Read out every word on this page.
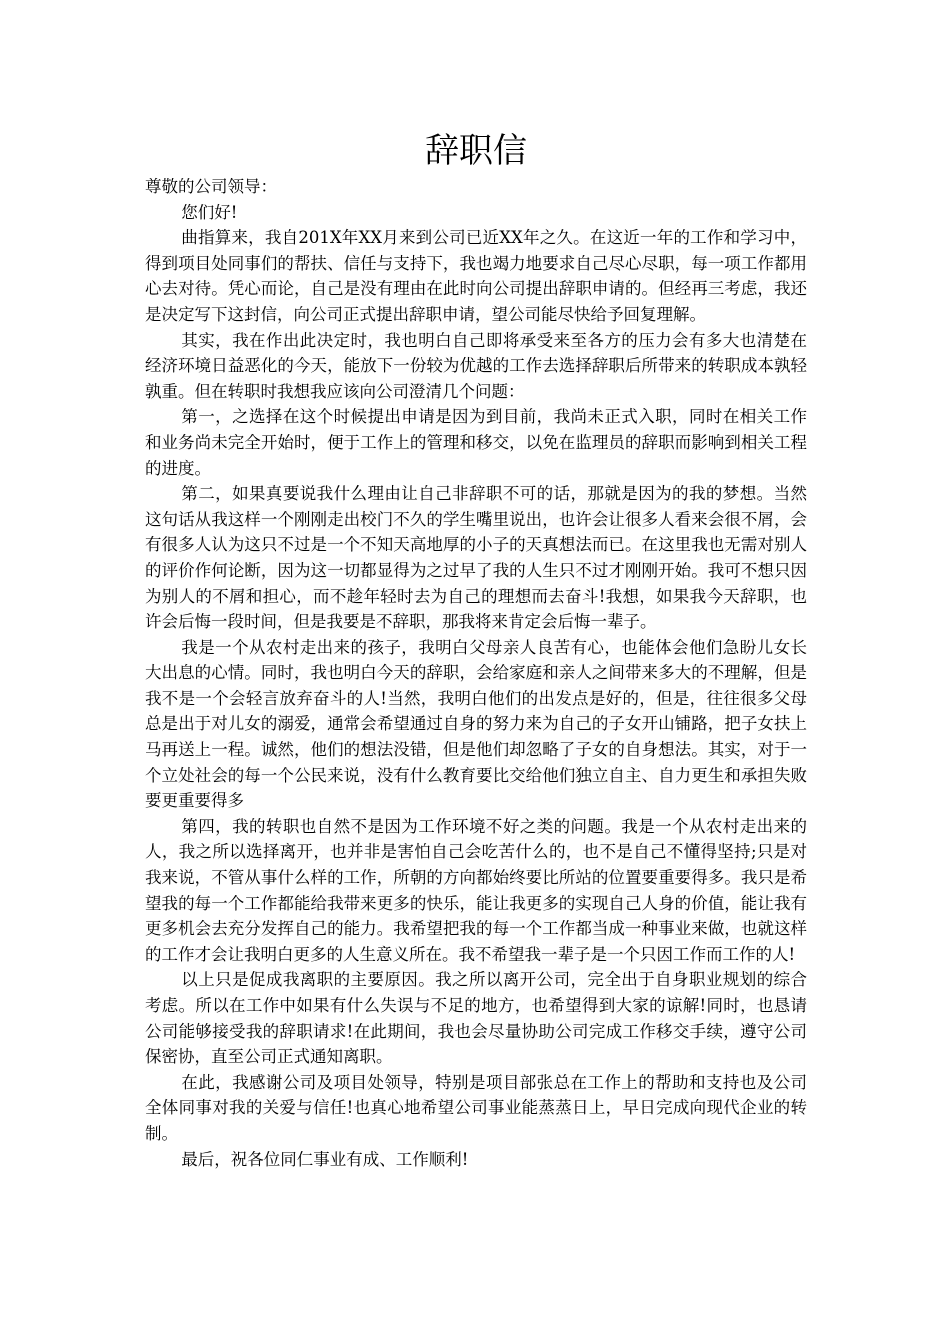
辞职信

尊敬的公司领导：

您们好!

曲指算来，我自201X年XX月来到公司已近XX年之久。在这近一年的工作和学习中，得到项目处同事们的帮扶、信任与支持下，我也竭力地要求自己尽心尽职，每一项工作都用心去对待。凭心而论，自己是没有理由在此时向公司提出辞职申请的。但经再三考虑，我还是决定写下这封信，向公司正式提出辞职申请，望公司能尽快给予回复理解。

其实，我在作出此决定时，我也明白自己即将承受来至各方的压力会有多大也清楚在经济环境日益恶化的今天，能放下一份较为优越的工作去选择辞职后所带来的转职成本孰轻孰重。但在转职时我想我应该向公司澄清几个问题：

第一，之选择在这个时候提出申请是因为到目前，我尚未正式入职，同时在相关工作和业务尚未完全开始时，便于工作上的管理和移交，以免在监理员的辞职而影响到相关工程的进度。

第二，如果真要说我什么理由让自己非辞职不可的话，那就是因为的我的梦想。当然这句话从我这样一个刚刚走出校门不久的学生嘴里说出，也许会让很多人看来会很不屑，会有很多人认为这只不过是一个不知天高地厚的小子的天真想法而已。在这里我也无需对别人的评价作何论断，因为这一切都显得为之过早了我的人生只不过才刚刚开始。我可不想只因为别人的不屑和担心，而不趁年轻时去为自己的理想而去奋斗!我想，如果我今天辞职，也许会后悔一段时间，但是我要是不辞职，那我将来肯定会后悔一辈子。

我是一个从农村走出来的孩子，我明白父母亲人良苦有心，也能体会他们急盼儿女长大出息的心情。同时，我也明白今天的辞职，会给家庭和亲人之间带来多大的不理解，但是我不是一个会轻言放弃奋斗的人!当然，我明白他们的出发点是好的，但是，往往很多父母总是出于对儿女的溺爱，通常会希望通过自身的努力来为自己的子女开山铺路，把子女扶上马再送上一程。诚然，他们的想法没错，但是他们却忽略了子女的自身想法。其实，对于一个立处社会的每一个公民来说，没有什么教育要比交给他们独立自主、自力更生和承担失败要更重要得多

第四，我的转职也自然不是因为工作环境不好之类的问题。我是一个从农村走出来的人，我之所以选择离开，也并非是害怕自己会吃苦什么的，也不是自己不懂得坚持;只是对我来说，不管从事什么样的工作，所朝的方向都始终要比所站的位置要重要得多。我只是希望我的每一个工作都能给我带来更多的快乐，能让我更多的实现自己人身的价值，能让我有更多机会去充分发挥自己的能力。我希望把我的每一个工作都当成一种事业来做，也就这样的工作才会让我明白更多的人生意义所在。我不希望我一辈子是一个只因工作而工作的人!

以上只是促成我离职的主要原因。我之所以离开公司，完全出于自身职业规划的综合考虑。所以在工作中如果有什么失误与不足的地方，也希望得到大家的谅解!同时，也恳请公司能够接受我的辞职请求!在此期间，我也会尽量协助公司完成工作移交手续，遵守公司保密协，直至公司正式通知离职。

在此，我感谢公司及项目处领导，特别是项目部张总在工作上的帮助和支持也及公司全体同事对我的关爱与信任!也真心地希望公司事业能蒸蒸日上，早日完成向现代企业的转制。

最后，祝各位同仁事业有成、工作顺利!
